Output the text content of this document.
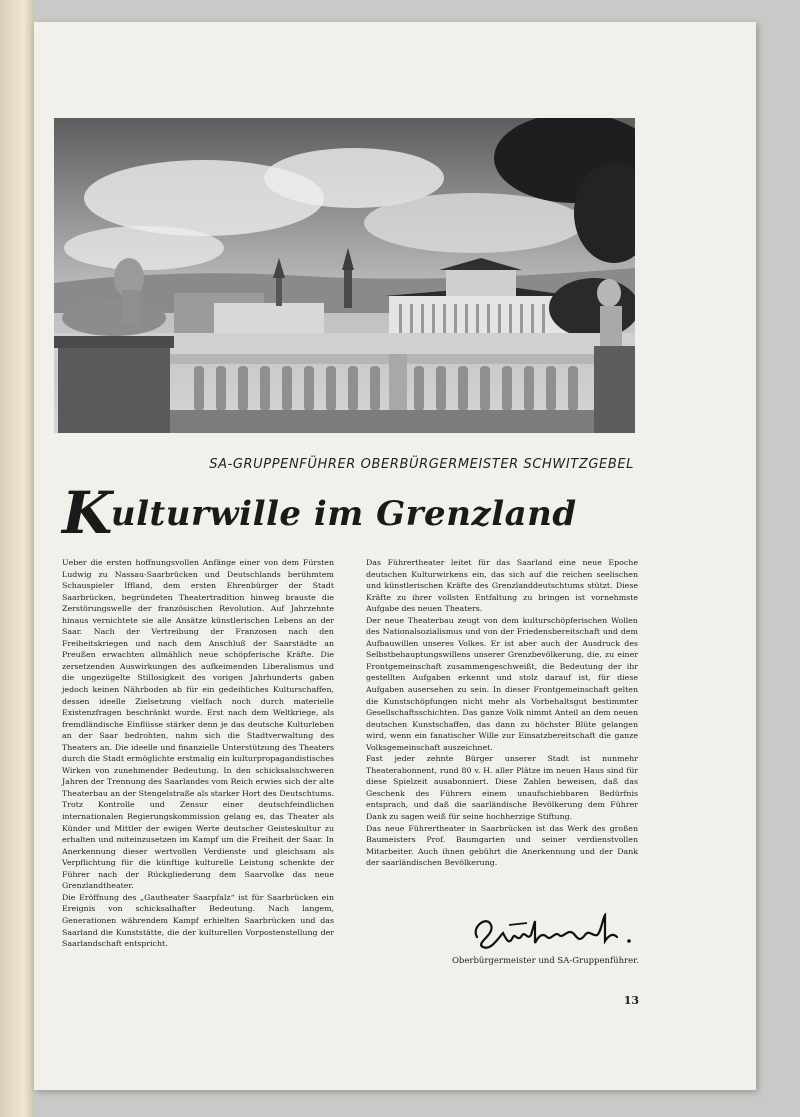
SA-GRUPPENFÜHRER OBERBÜRGERMEISTER SCHWITZGEBEL
Kulturwille im Grenzland

Ueber die ersten hoffnungsvollen Anfänge einer von dem Fürsten Ludwig zu Nassau-Saarbrücken und Deutschlands berühmtem Schauspieler Iffland, dem ersten Ehrenbürger der Stadt Saarbrücken, begründeten Theatertradition hinweg brauste die Zerstörungswelle der französischen Revolution. Auf Jahrzehnte hinaus vernichtete sie alle Ansätze künstlerischen Lebens an der Saar. Nach der Vertreibung der Franzosen nach den Freiheitskriegen und nach dem Anschluß der Saarstädte an Preußen erwachten allmählich neue schöpferische Kräfte. Die zersetzenden Auswirkungen des aufkeimenden Liberalismus und die ungezügelte Stillosigkeit des vorigen Jahrhunderts gaben jedoch keinen Nährboden ab für ein gedeihliches Kulturschaffen, dessen ideelle Zielsetzung vielfach noch durch materielle Existenzfragen beschränkt wurde. Erst nach dem Weltkriege, als fremdländische Einflüsse stärker denn je das deutsche Kulturleben an der Saar bedrohten, nahm sich die Stadtverwaltung des Theaters an. Die ideelle und finanzielle Unterstützung des Theaters durch die Stadt ermöglichte erstmalig ein kulturpropagandistisches Wirken von zunehmender Bedeutung. In den schicksalsschweren Jahren der Trennung des Saarlandes vom Reich erwies sich der alte Theaterbau an der Stengelstraße als starker Hort des Deutschtums. Trotz Kontrolle und Zensur einer deutschfeindlichen internationalen Regierungskommission gelang es, das Theater als Künder und Mittler der ewigen Werte deutscher Geisteskultur zu erhalten und miteinzusetzen im Kampf um die Freiheit der Saar. In Anerkennung dieser wertvollen Verdienste und gleichsam als Verpflichtung für die künftige kulturelle Leistung schenkte der Führer nach der Rückgliederung dem Saarvolke das neue Grenzlandtheater.

Die Eröffnung des „Gautheater Saarpfalz“ ist für Saarbrücken ein Ereignis von schicksalhafter Bedeutung. Nach langem, Generationen währendem Kampf erhielten Saarbrücken und das Saarland die Kunststätte, die der kulturellen Vorpostenstellung der Saarlandschaft entspricht.

Das Führertheater leitet für das Saarland eine neue Epoche deutschen Kulturwirkens ein, das sich auf die reichen seelischen und künstlerischen Kräfte des Grenzlanddeutschtums stützt. Diese Kräfte zu ihrer vollsten Entfaltung zu bringen ist vornehmste Aufgabe des neuen Theaters.

Der neue Theaterbau zeugt von dem kulturschöpferischen Wollen des Nationalsozialismus und von der Friedensbereitschaft und dem Aufbauwillen unseres Volkes. Er ist aber auch der Ausdruck des Selbstbehauptungswillens unserer Grenzbevölkerung, die, zu einer Frontgemeinschaft zusammengeschweißt, die Bedeutung der ihr gestellten Aufgaben erkennt und stolz darauf ist, für diese Aufgaben ausersehen zu sein. In dieser Frontgemeinschaft gelten die Kunstschöpfungen nicht mehr als Vorbehaltsgut bestimmter Gesellschaftsschichten. Das ganze Volk nimmt Anteil an dem neuen deutschen Kunstschaffen, das dann zu höchster Blüte gelangen wird, wenn ein fanatischer Wille zur Einsatzbereitschaft die ganze Volksgemeinschaft auszeichnet.

Fast jeder zehnte Bürger unserer Stadt ist nunmehr Theaterabonnent, rund 80 v. H. aller Plätze im neuen Haus sind für diese Spielzeit ausabonniert. Diese Zahlen beweisen, daß das Geschenk des Führers einem unaufschiebbaren Bedürfnis entsprach, und daß die saarländische Bevölkerung dem Führer Dank zu sagen weiß für seine hochherzige Stiftung.

Das neue Führertheater in Saarbrücken ist das Werk des großen Baumeisters Prof. Baumgarten und seiner verdienstvollen Mitarbeiter. Auch ihnen gebührt die Anerkennung und der Dank der saarländischen Bevölkerung.

Oberbürgermeister und SA-Gruppenführer.
13
